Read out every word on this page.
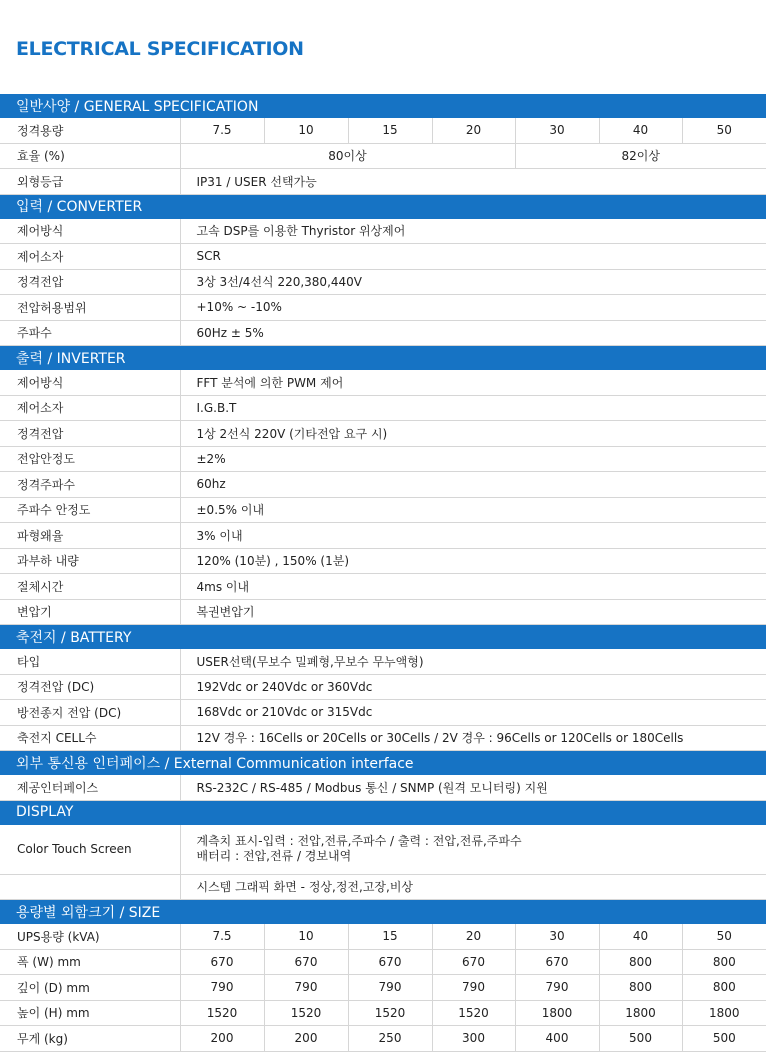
ELECTRICAL SPECIFICATION
일반사양 / GENERAL SPECIFICATION							
정격용량	7.5	10	15	20	30	40	50
효율 (%)	80이상				82이상		
외형등급	IP31 / USER 선택가능						
입력 / CONVERTER							
제어방식	고속 DSP를 이용한 Thyristor 위상제어						
제어소자	SCR						
정격전압	3상 3선/4선식 220,380,440V						
전압허용범위	+10% ~ -10%						
주파수	60Hz ± 5%						
출력 / INVERTER							
제어방식	FFT 분석에 의한 PWM 제어						
제어소자	I.G.B.T						
정격전압	1상 2선식 220V (기타전압 요구 시)						
전압안정도	±2%						
정격주파수	60hz						
주파수 안정도	±0.5% 이내						
파형왜율	3% 이내						
과부하 내량	120% (10분) , 150% (1분)						
절체시간	4ms 이내						
변압기	복권변압기						
축전지 / BATTERY							
타입	USER선택(무보수 밀폐형,무보수 무누액형)						
정격전압 (DC)	192Vdc or 240Vdc or 360Vdc						
방전종지 전압 (DC)	168Vdc or 210Vdc or 315Vdc						
축전지 CELL수	12V 경우 : 16Cells or 20Cells or 30Cells / 2V 경우 : 96Cells or 120Cells or 180Cells						
외부 통신용 인터페이스 / External Communication interface							
제공인터페이스	RS-232C / RS-485 / Modbus 통신 / SNMP (원격 모니터링) 지원						
DISPLAY							
Color Touch Screen	계측치 표시-입력 : 전압,전류,주파수 / 출력 : 전압,전류,주파수
배터리 : 전압,전류 / 경보내역						

	시스템 그래픽 화면 - 정상,정전,고장,비상						
용량별 외함크기 / SIZE							
UPS용량 (kVA)	7.5	10	15	20	30	40	50
폭 (W) mm	670	670	670	670	670	800	800
깊이 (D) mm	790	790	790	790	790	800	800
높이 (H) mm	1520	1520	1520	1520	1800	1800	1800
무게 (kg)	200	200	250	300	400	500	500
